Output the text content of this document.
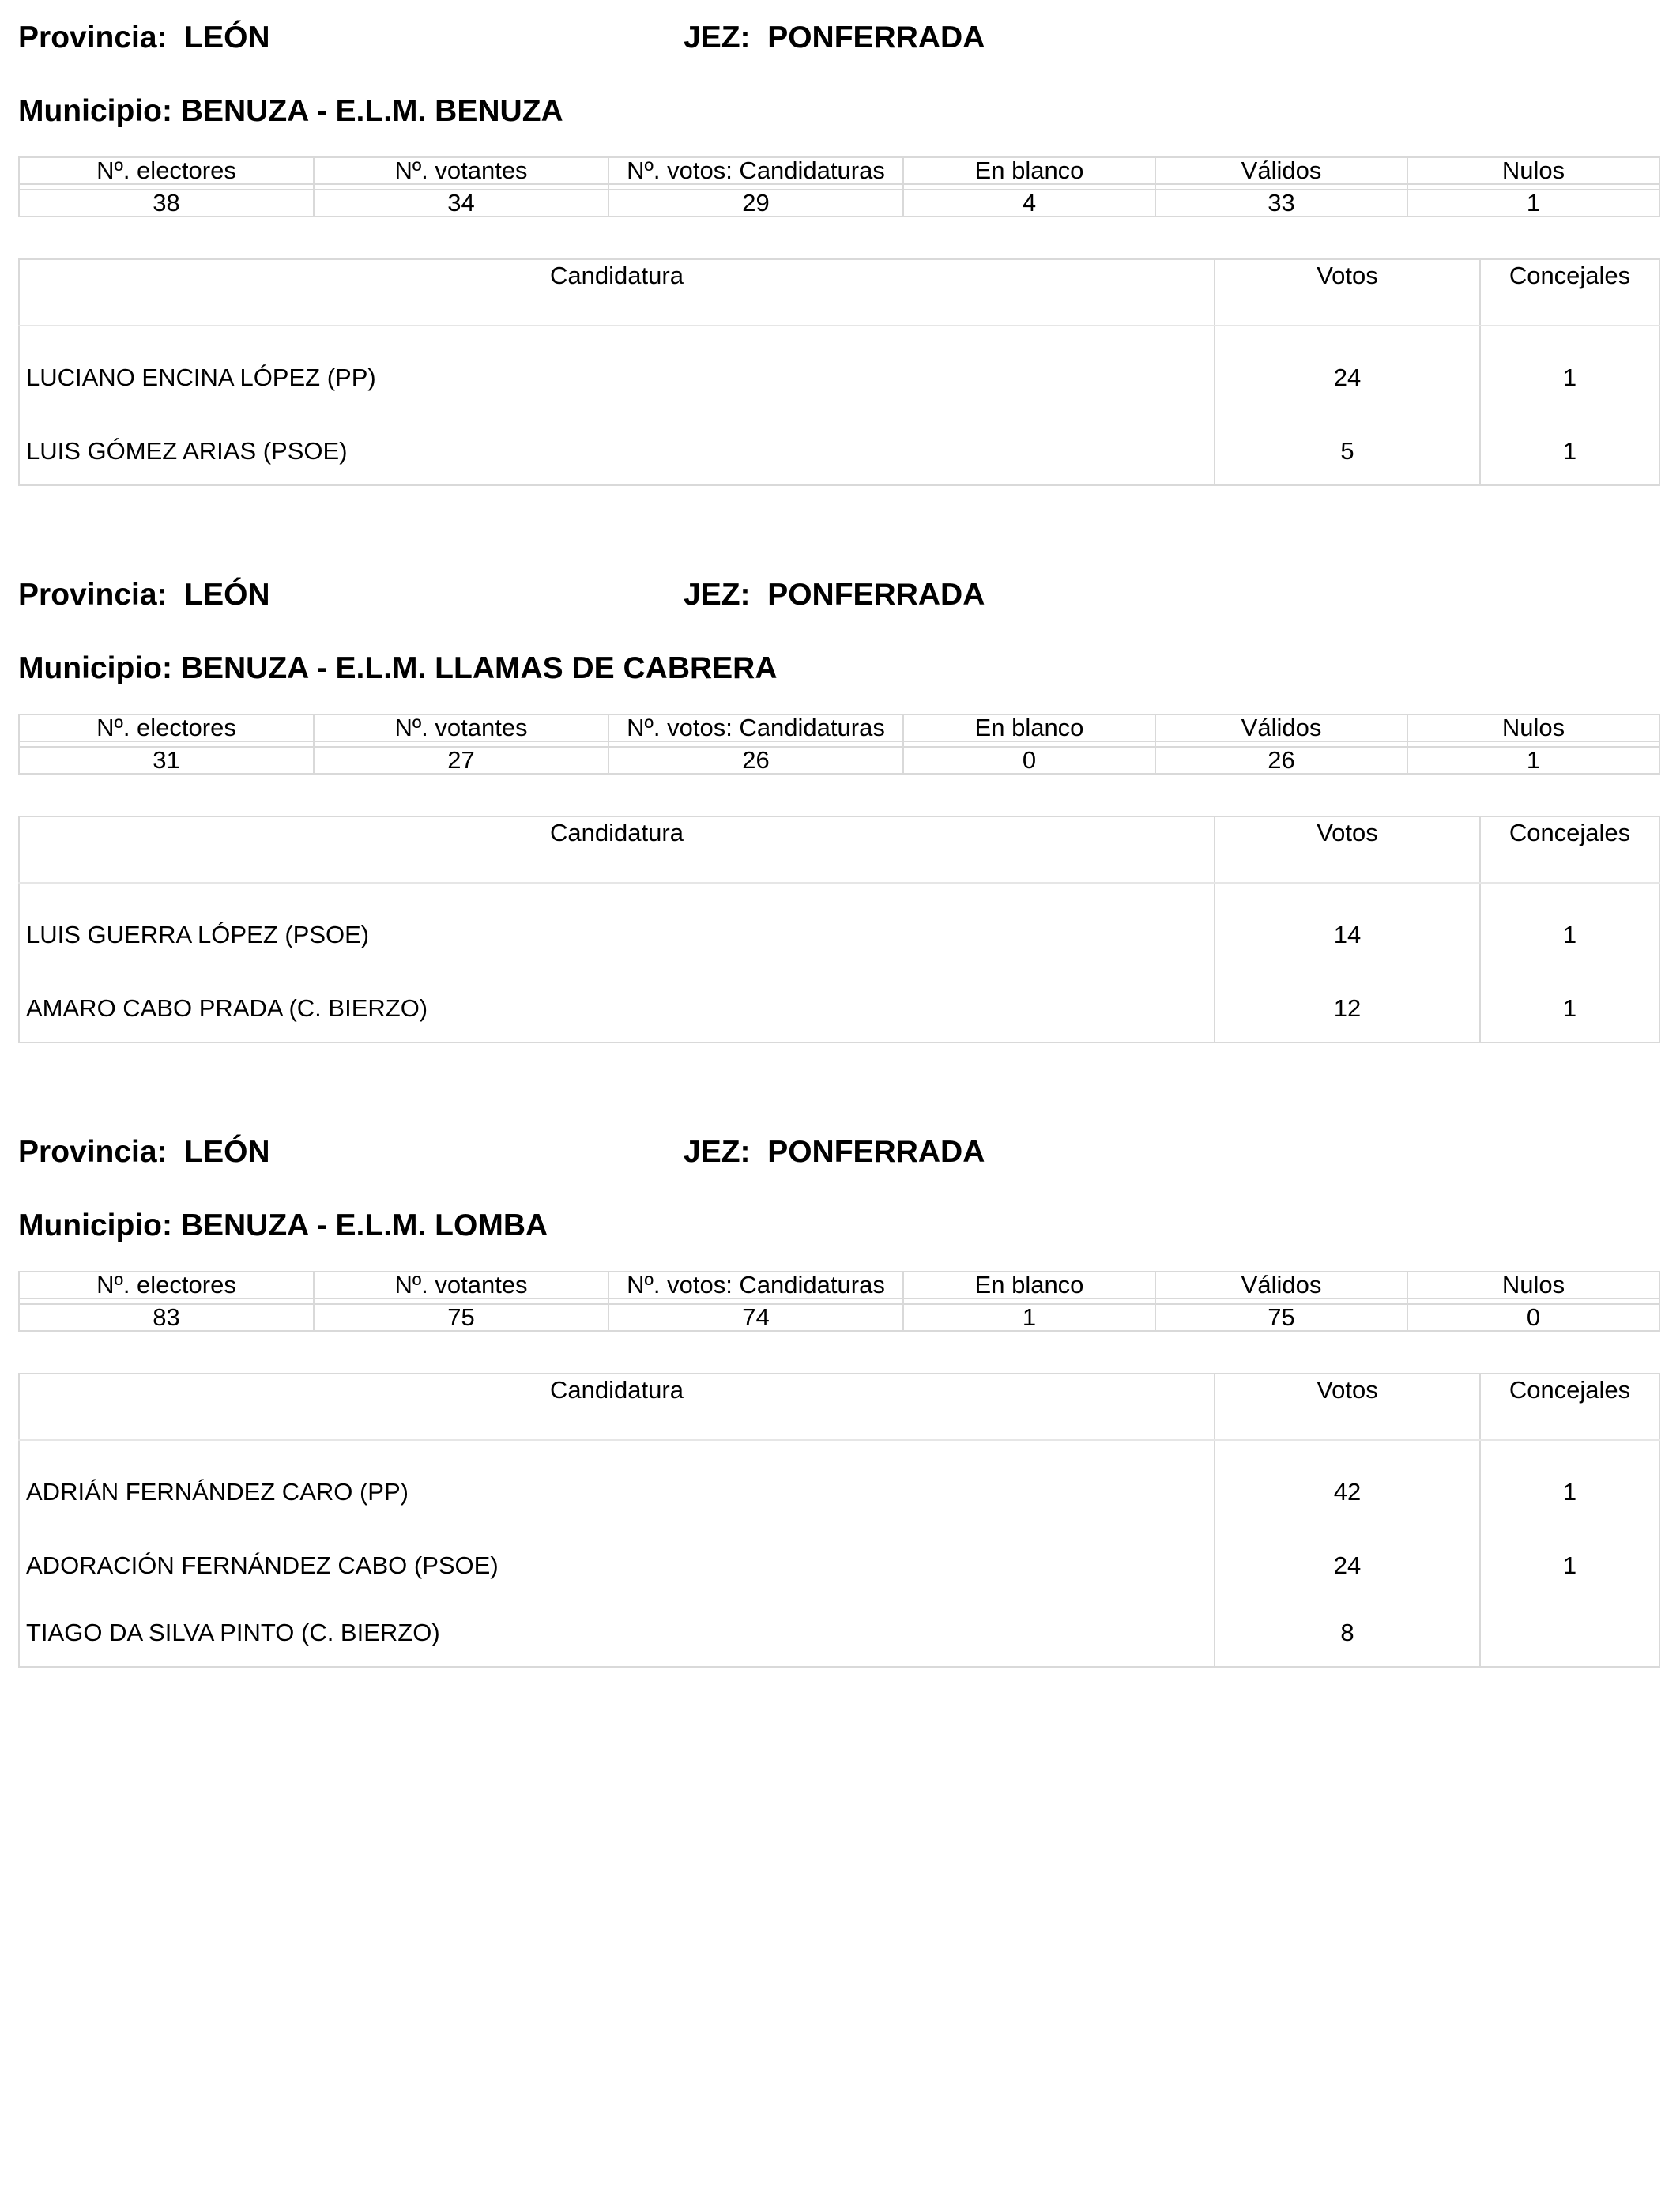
Provincia: LEÓN	JEZ: PONFERRADA
Municipio: BENUZA - E.L.M. BENUZA
Nº. electores	Nº. votantes	Nº. votos: Candidaturas	En blanco	Válidos	Nulos

38	34	29	4	33	1
Candidatura	Votos	Concejales
LUCIANO ENCINA LÓPEZ (PP)	24	1
LUIS GÓMEZ ARIAS (PSOE)	5	1
Provincia: LEÓN	JEZ: PONFERRADA
Municipio: BENUZA - E.L.M. LLAMAS DE CABRERA
Nº. electores	Nº. votantes	Nº. votos: Candidaturas	En blanco	Válidos	Nulos

31	27	26	0	26	1
Candidatura	Votos	Concejales
LUIS GUERRA LÓPEZ (PSOE)	14	1
AMARO CABO PRADA (C. BIERZO)	12	1
Provincia: LEÓN	JEZ: PONFERRADA
Municipio: BENUZA - E.L.M. LOMBA
Nº. electores	Nº. votantes	Nº. votos: Candidaturas	En blanco	Válidos	Nulos

83	75	74	1	75	0
Candidatura	Votos	Concejales
ADRIÁN FERNÁNDEZ CARO (PP)	42	1
ADORACIÓN FERNÁNDEZ CABO (PSOE)	24	1
TIAGO DA SILVA PINTO (C. BIERZO)	8	
